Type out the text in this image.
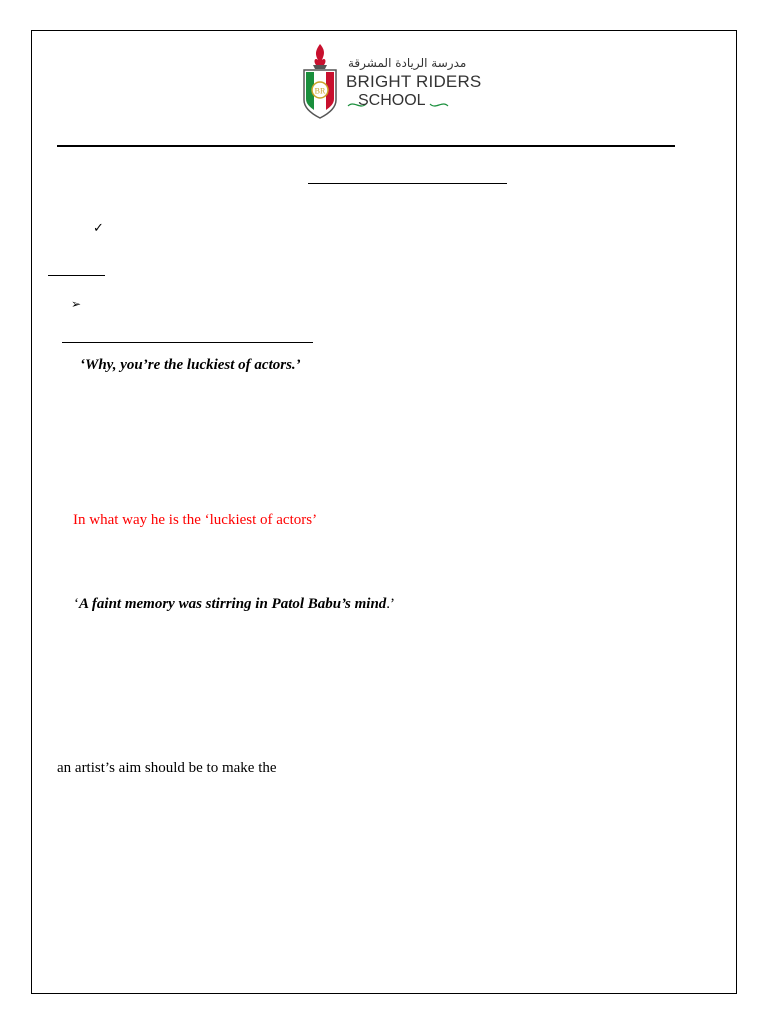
BR
مدرسة الريادة المشرقة
BRIGHT RIDERS
SCHOOL
✓
➢
‘Why, you’re the luckiest of actors.’
In what way he is the ‘luckiest of actors’
‘A faint memory was stirring in Patol Babu’s mind.’
an artist’s aim should be to make the
